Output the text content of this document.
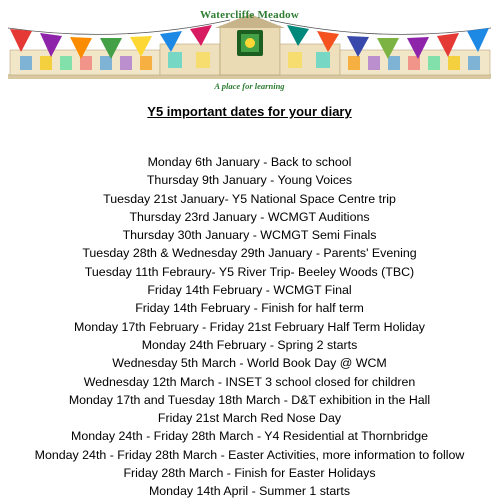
Watercliffe Meadow
A place for learning
Y5 important dates for your diary
Monday 6th January - Back to school
Thursday 9th January - Young Voices
Tuesday 21st January- Y5 National Space Centre trip
Thursday 23rd January - WCMGT Auditions
Thursday 30th January - WCMGT Semi Finals
Tuesday 28th & Wednesday 29th January - Parents' Evening
Tuesday 11th Febraury- Y5 River Trip- Beeley Woods (TBC)
Friday 14th February - WCMGT Final
Friday 14th February - Finish for half term
Monday 17th February - Friday 21st February Half Term Holiday
Monday 24th February - Spring 2 starts
Wednesday 5th March - World Book Day @ WCM
Wednesday 12th March - INSET 3 school closed for children
Monday 17th and Tuesday 18th March - D&T exhibition in the Hall
Friday 21st March Red Nose Day
Monday 24th - Friday 28th March - Y4 Residential at Thornbridge
Monday 24th - Friday 28th March - Easter Activities, more information to follow
Friday 28th March - Finish for Easter Holidays
Monday 14th April - Summer 1 starts
